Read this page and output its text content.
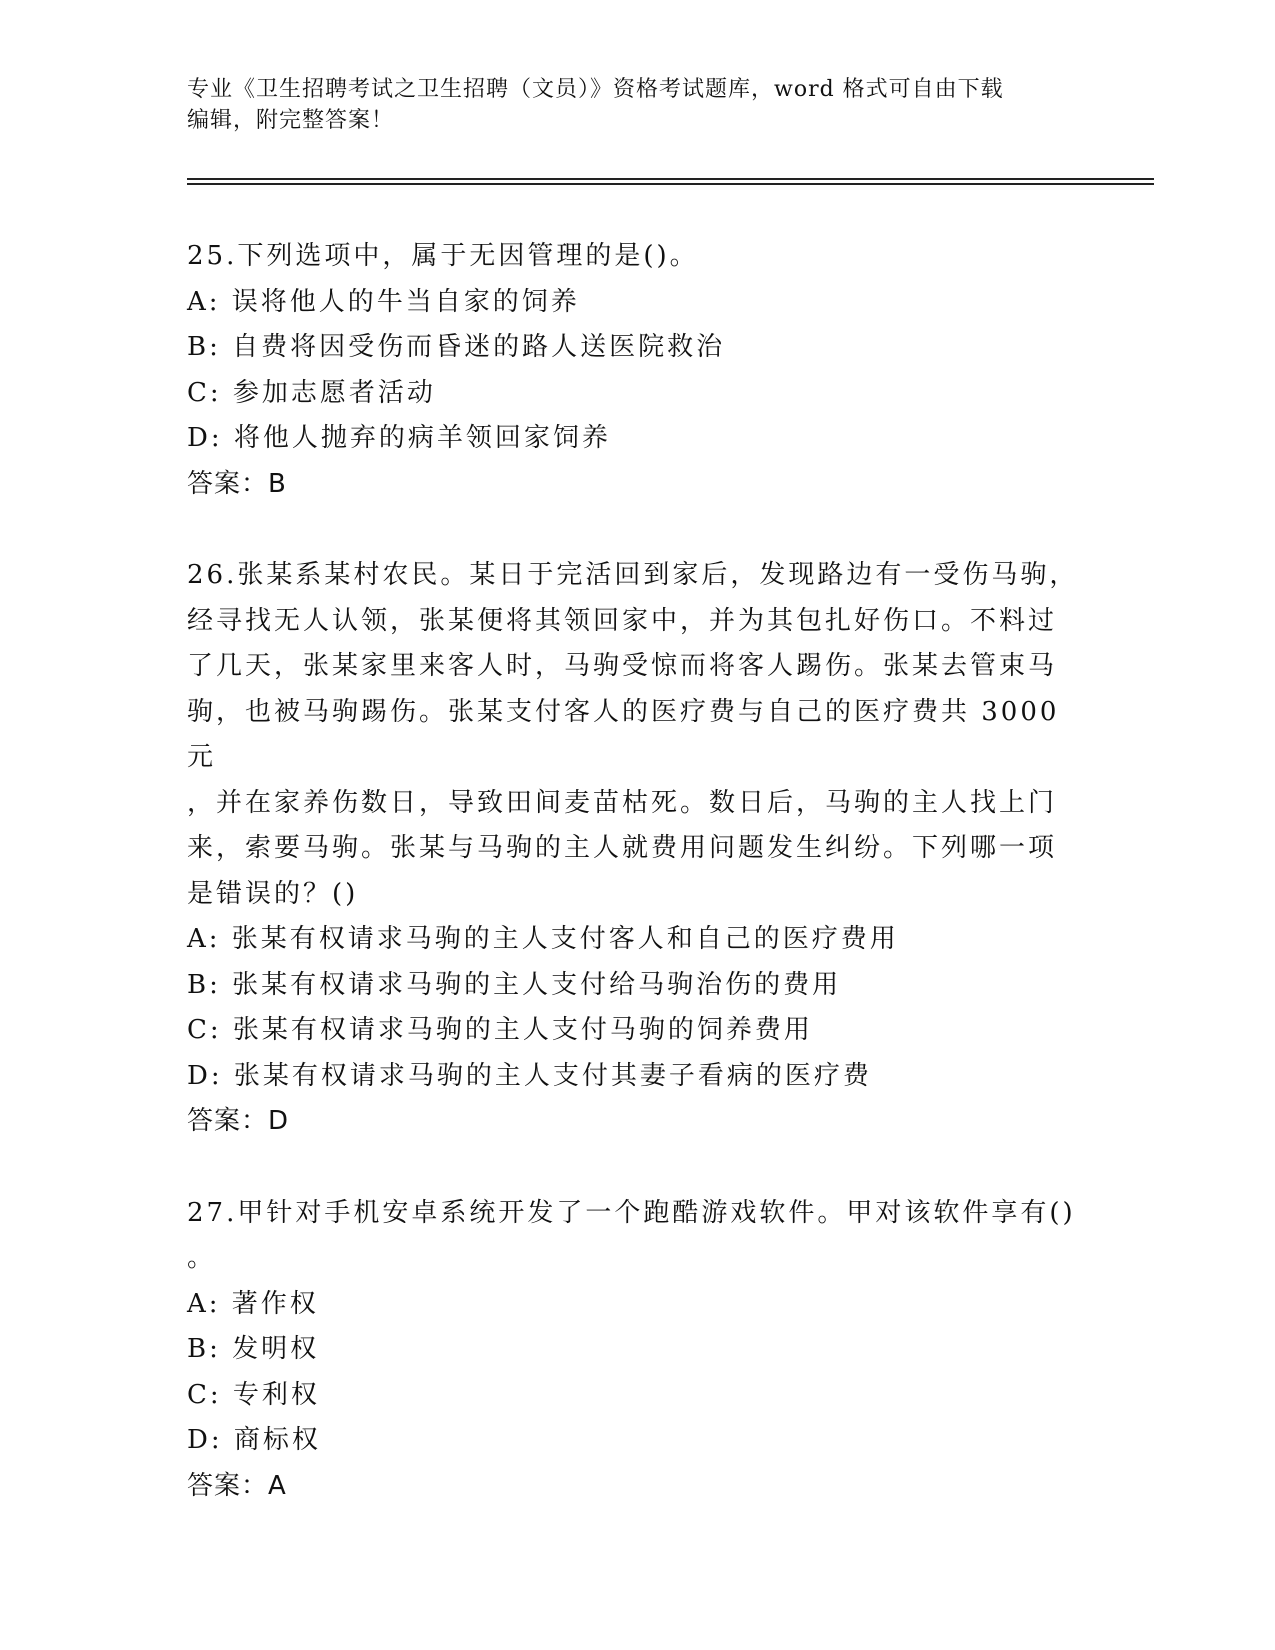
专业《卫生招聘考试之卫生招聘（文员）》资格考试题库，word 格式可自由下载
编辑，附完整答案！
25.下列选项中，属于无因管理的是()。
A: 误将他人的牛当自家的饲养
B: 自费将因受伤而昏迷的路人送医院救治
C: 参加志愿者活动
D: 将他人抛弃的病羊领回家饲养
答案：B
26.张某系某村农民。某日于完活回到家后，发现路边有一受伤马驹，
经寻找无人认领，张某便将其领回家中，并为其包扎好伤口。不料过
了几天，张某家里来客人时，马驹受惊而将客人踢伤。张某去管束马
驹，也被马驹踢伤。张某支付客人的医疗费与自己的医疗费共 3000 元
，并在家养伤数日，导致田间麦苗枯死。数日后，马驹的主人找上门
来，索要马驹。张某与马驹的主人就费用问题发生纠纷。下列哪一项
是错误的？()
A: 张某有权请求马驹的主人支付客人和自己的医疗费用
B: 张某有权请求马驹的主人支付给马驹治伤的费用
C: 张某有权请求马驹的主人支付马驹的饲养费用
D: 张某有权请求马驹的主人支付其妻子看病的医疗费
答案：D
27.甲针对手机安卓系统开发了一个跑酷游戏软件。甲对该软件享有()
。
A: 著作权
B: 发明权
C: 专利权
D: 商标权
答案：A
